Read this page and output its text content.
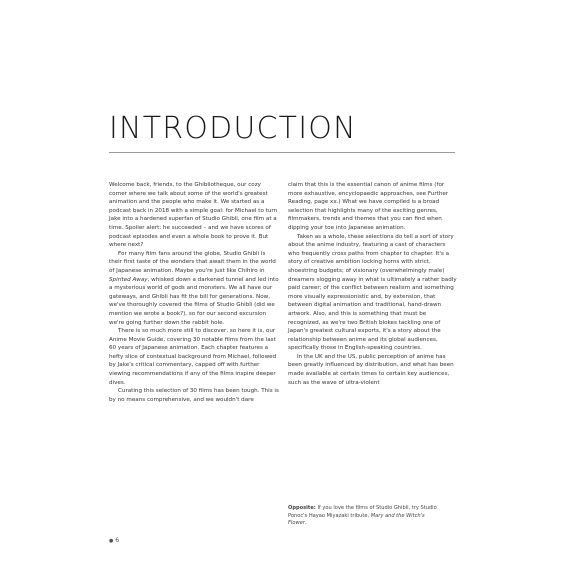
INTRODUCTION

Welcome back, friends, to the Ghibliotheque, our cozy corner where we talk about some of the world's greatest animation and the people who make it. We started as a podcast back in 2018 with a simple goal: for Michael to turn Jake into a hardened superfan of Studio Ghibli, one film at a time. Spoiler alert: he succeeded – and we have scores of podcast episodes and even a whole book to prove it. But where next?

For many film fans around the globe, Studio Ghibli is their first taste of the wonders that await them in the world of Japanese animation. Maybe you're just like Chihiro in Spirited Away, whisked down a darkened tunnel and led into a mysterious world of gods and monsters. We all have our gateways, and Ghibli has fit the bill for generations. Now, we've thoroughly covered the films of Studio Ghibli (did we mention we wrote a book?), so for our second excursion we're going further down the rabbit hole.

There is so much more still to discover, so here it is, our Anime Movie Guide, covering 30 notable films from the last 60 years of Japanese animation. Each chapter features a hefty slice of contextual background from Michael, followed by Jake's critical commentary, capped off with further viewing recommendations if any of the films inspire deeper dives.

Curating this selection of 30 films has been tough. This is by no means comprehensive, and we wouldn't dare

claim that this is the essential canon of anime films (for more exhaustive, encyclopaedic approaches, see Further Reading, page xx.) What we have compiled is a broad selection that highlights many of the exciting genres, filmmakers, trends and themes that you can find when dipping your toe into Japanese animation.

Taken as a whole, these selections do tell a sort of story about the anime industry, featuring a cast of characters who frequently cross paths from chapter to chapter. It's a story of creative ambition locking horns with strict, shoestring budgets; of visionary (overwhelmingly male) dreamers slogging away in what is ultimately a rather badly paid career; of the conflict between realism and something more visually expressionistic and, by extension, that between digital animation and traditional, hand-drawn artwork. Also, and this is something that must be recognized, as we're two British blokes tackling one of Japan's greatest cultural exports, it's a story about the relationship between anime and its global audiences, specifically those in English-speaking countries.

In the UK and the US, public perception of anime has been greatly influenced by distribution, and what has been made available at certain times to certain key audiences, such as the wave of ultra-violent

Opposite: If you love the films of Studio Ghibli, try Studio Ponoc's Hayao Miyazaki tribute, Mary and the Witch's Flower.
● 6
